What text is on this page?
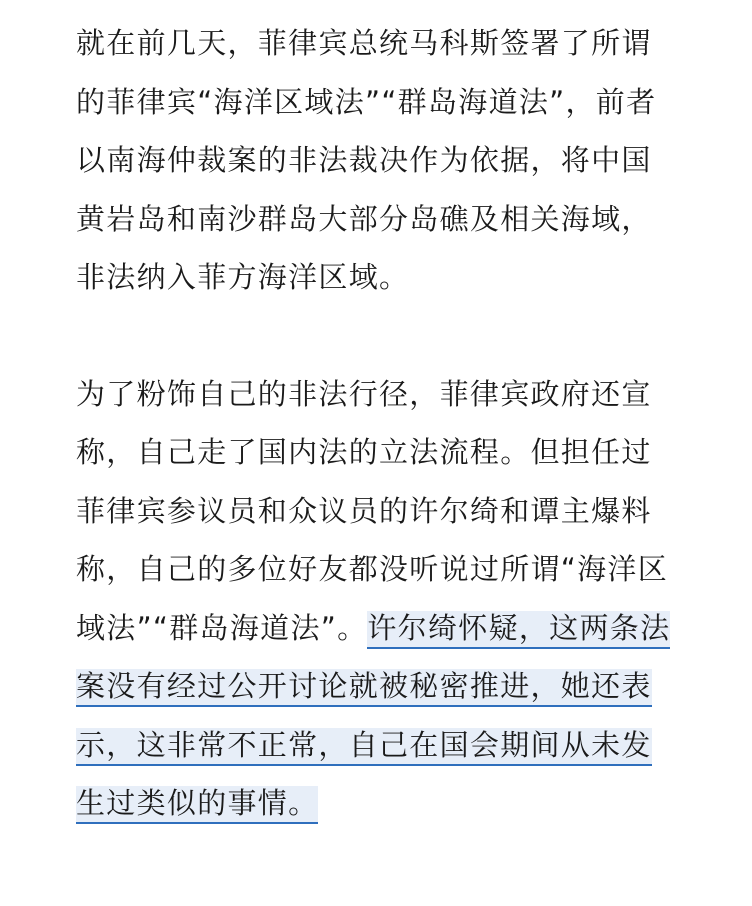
就在前几天，菲律宾总统马科斯签署了所谓
的菲律宾“海洋区域法”“群岛海道法”，前者
以南海仲裁案的非法裁决作为依据，将中国
黄岩岛和南沙群岛大部分岛礁及相关海域，
非法纳入菲方海洋区域。

为了粉饰自己的非法行径，菲律宾政府还宣
称，自己走了国内法的立法流程。但担任过
菲律宾参议员和众议员的许尔绮和谭主爆料
称，自己的多位好友都没听说过所谓“海洋区
域法”“群岛海道法”。许尔绮怀疑，这两条法
案没有经过公开讨论就被秘密推进，她还表
示，这非常不正常，自己在国会期间从未发
生过类似的事情。
